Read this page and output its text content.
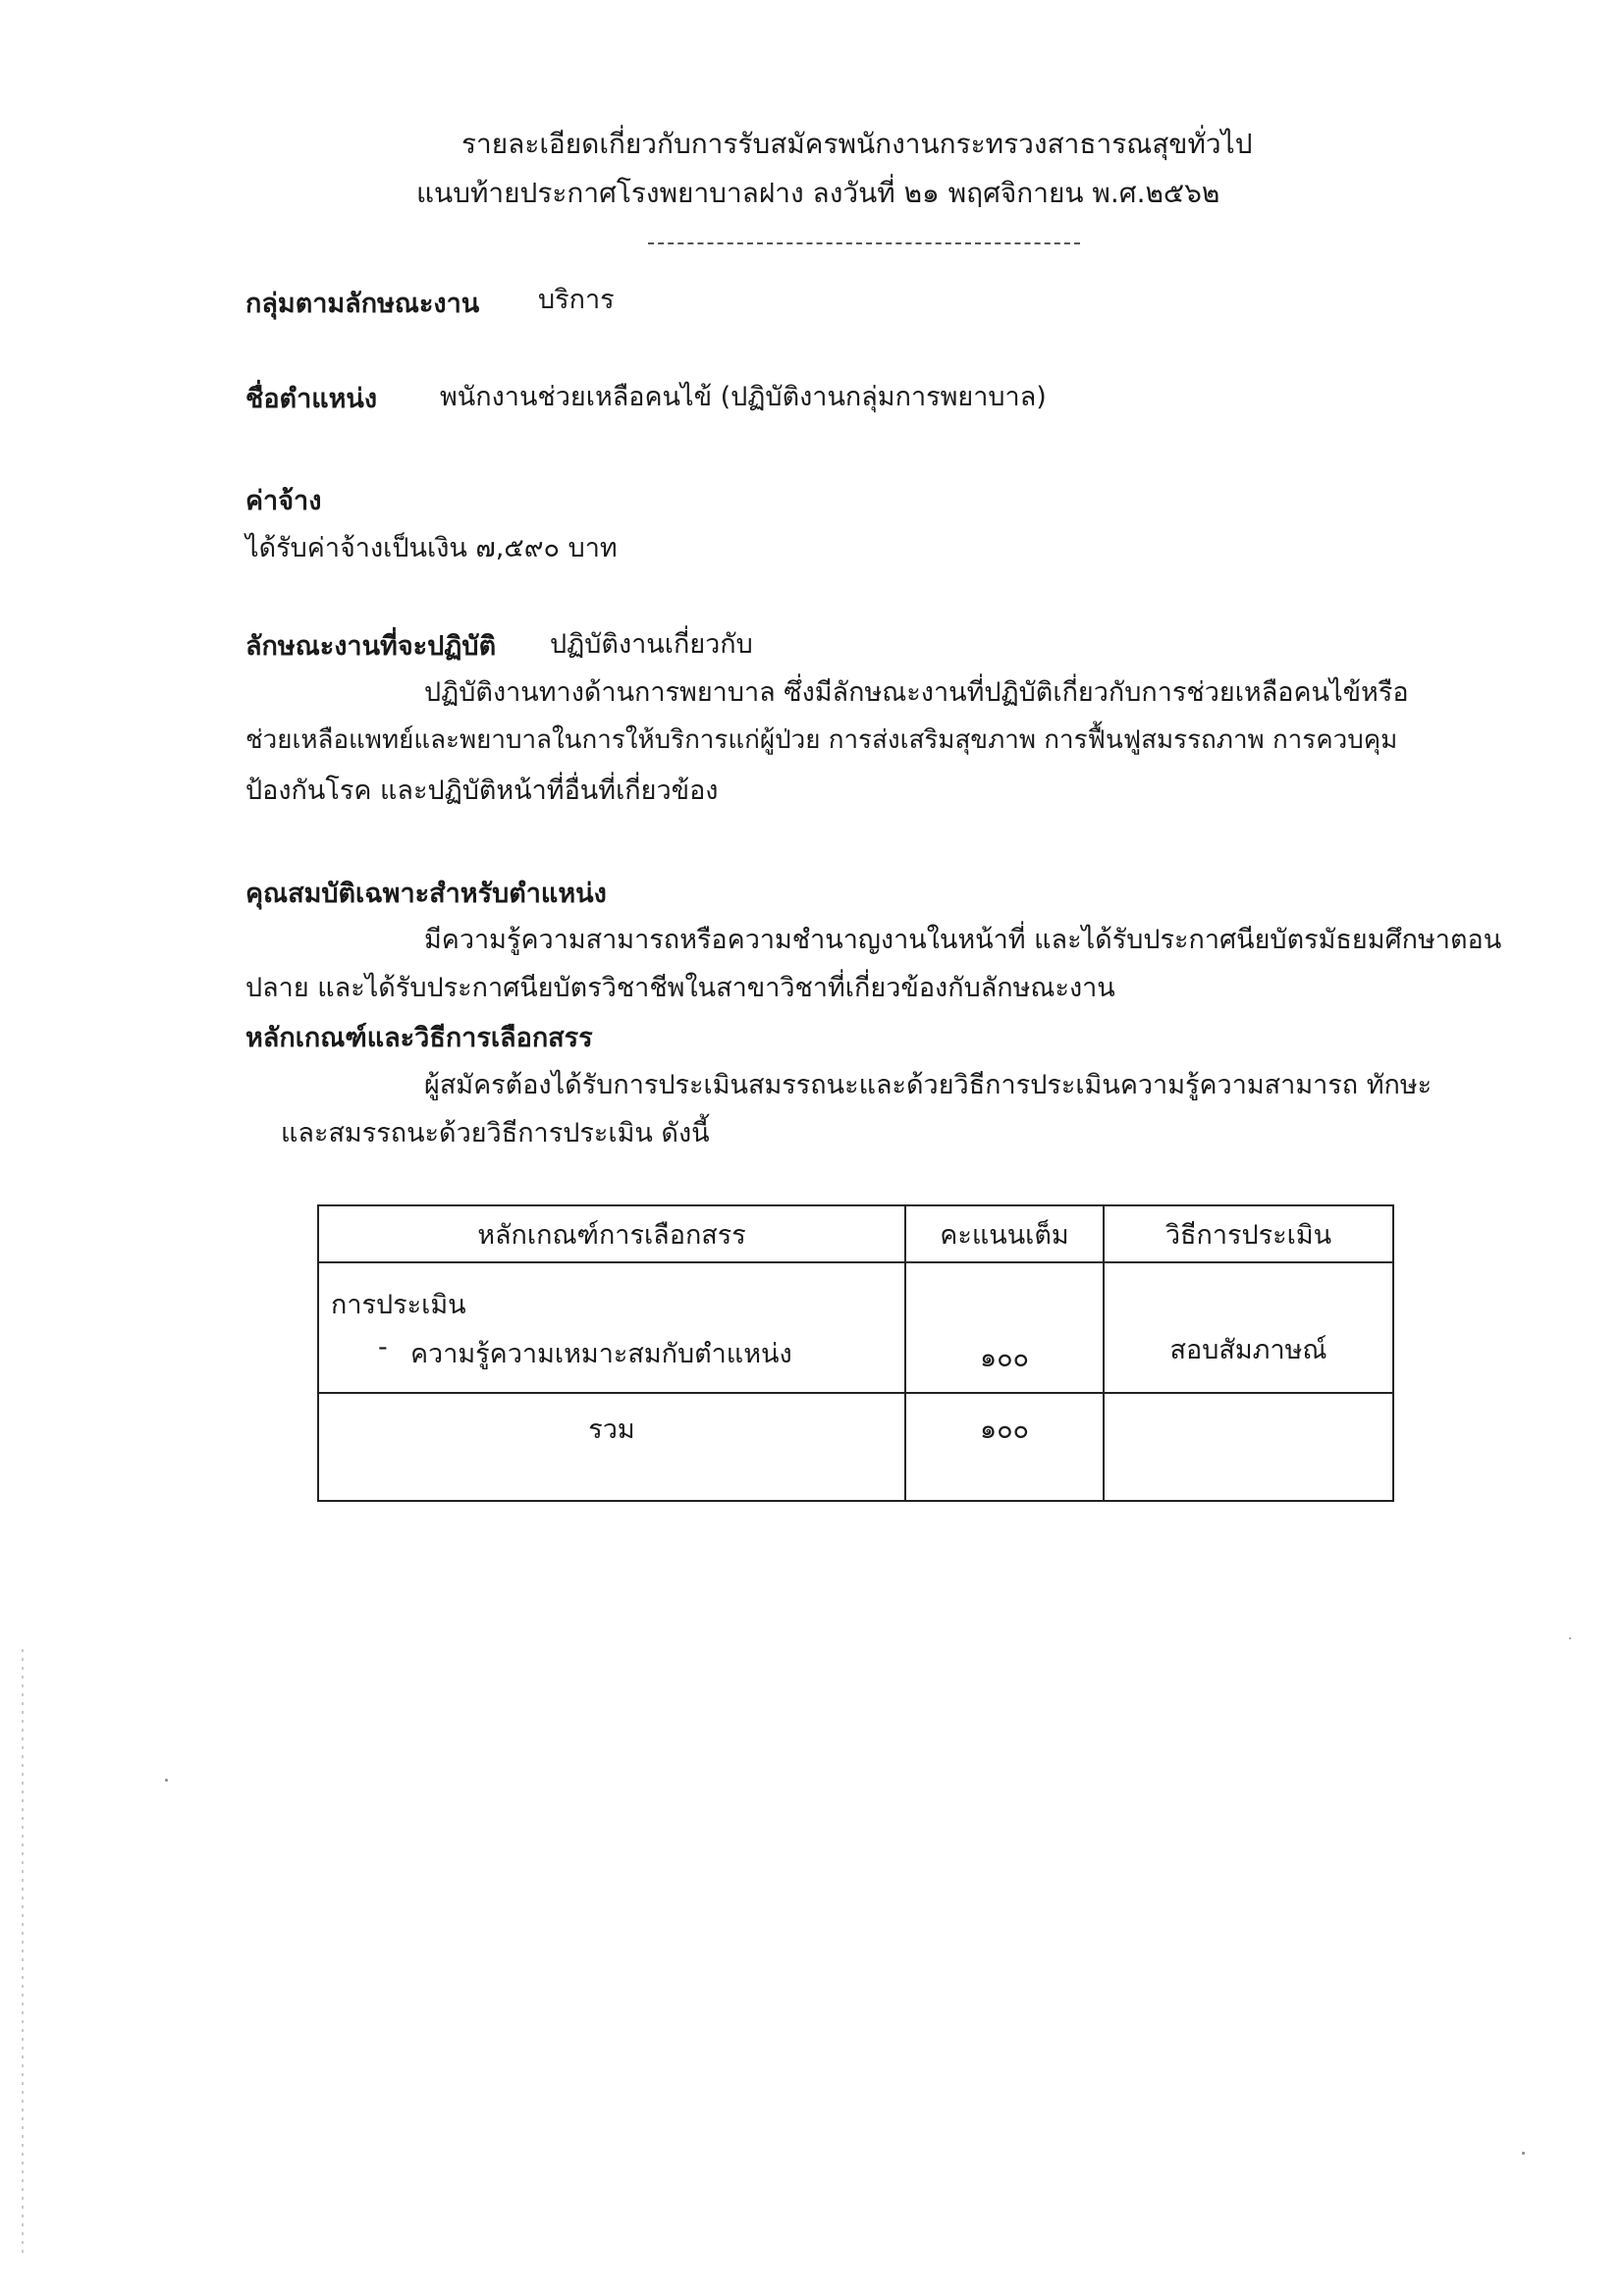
รายละเอียดเกี่ยวกับการรับสมัครพนักงานกระทรวงสาธารณสุขทั่วไป
แนบท้ายประกาศโรงพยาบาลฝาง ลงวันที่ ๒๑ พฤศจิกายน พ.ศ.๒๕๖๒
กลุ่มตามลักษณะงาน บริการ
ชื่อตำแหน่ง พนักงานช่วยเหลือคนไข้ (ปฏิบัติงานกลุ่มการพยาบาล)
ค่าจ้าง
ได้รับค่าจ้างเป็นเงิน ๗,๕๙๐ บาท
ลักษณะงานที่จะปฏิบัติ ปฏิบัติงานเกี่ยวกับ
ปฏิบัติงานทางด้านการพยาบาล ซึ่งมีลักษณะงานที่ปฏิบัติเกี่ยวกับการช่วยเหลือคนไข้หรือ
ช่วยเหลือแพทย์และพยาบาลในการให้บริการแก่ผู้ป่วย การส่งเสริมสุขภาพ การฟื้นฟูสมรรถภาพ การควบคุม
ป้องกันโรค และปฏิบัติหน้าที่อื่นที่เกี่ยวข้อง
คุณสมบัติเฉพาะสำหรับตำแหน่ง
มีความรู้ความสามารถหรือความชำนาญงานในหน้าที่ และได้รับประกาศนียบัตรมัธยมศึกษาตอน
ปลาย และได้รับประกาศนียบัตรวิชาชีพในสาขาวิชาที่เกี่ยวข้องกับลักษณะงาน
หลักเกณฑ์และวิธีการเลือกสรร
ผู้สมัครต้องได้รับการประเมินสมรรถนะและด้วยวิธีการประเมินความรู้ความสามารถ ทักษะ
และสมรรถนะด้วยวิธีการประเมิน ดังนี้
หลักเกณฑ์การเลือกสรร	คะแนนเต็ม	วิธีการประเมิน

การประเมิน
- ความรู้ความเหมาะสมกับตำแหน่ง	๑๐๐	สอบสัมภาษณ์

รวม	๑๐๐	
